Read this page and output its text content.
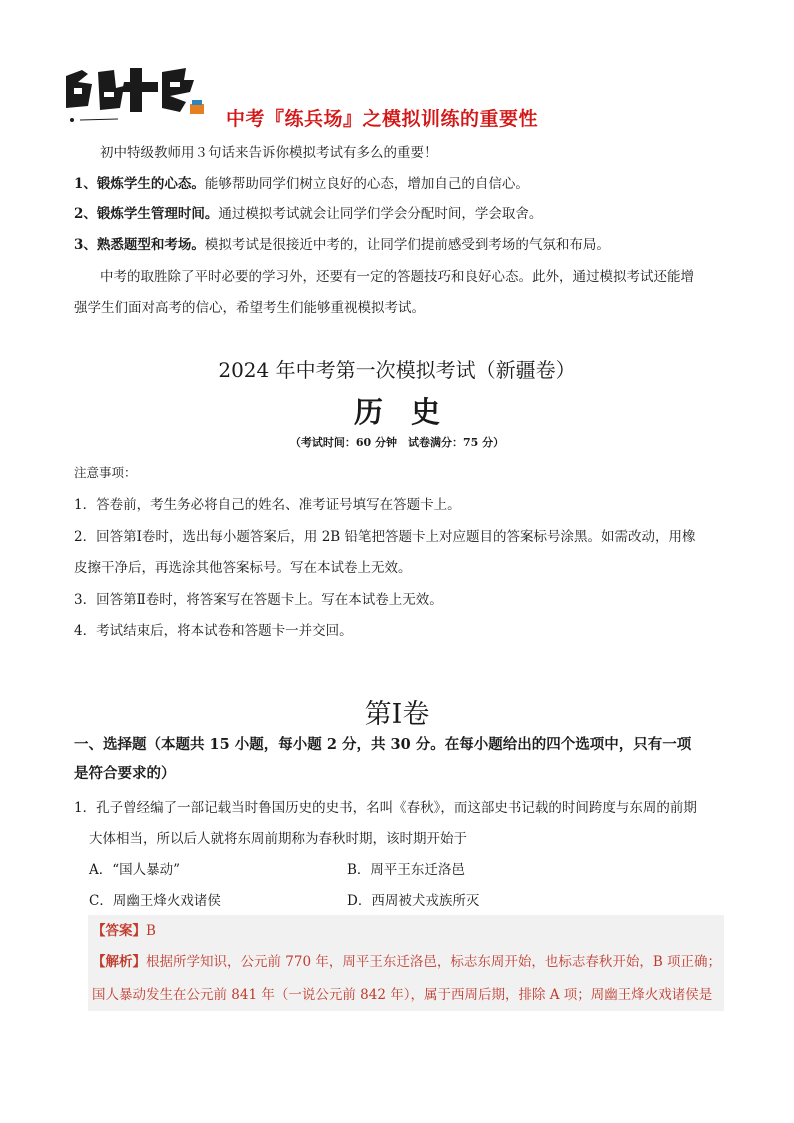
中考『练兵场』之模拟训练的重要性
初中特级教师用３句话来告诉你模拟考试有多么的重要！
1、锻炼学生的心态。能够帮助同学们树立良好的心态，增加自己的自信心。
2、锻炼学生管理时间。通过模拟考试就会让同学们学会分配时间，学会取舍。
3、熟悉题型和考场。模拟考试是很接近中考的，让同学们提前感受到考场的气氛和布局。
中考的取胜除了平时必要的学习外，还要有一定的答题技巧和良好心态。此外，通过模拟考试还能增
强学生们面对高考的信心，希望考生们能够重视模拟考试。
2024 年中考第一次模拟考试（新疆卷）
历史
（考试时间：60 分钟　试卷满分：75 分）
注意事项：
1．答卷前，考生务必将自己的姓名、准考证号填写在答题卡上。
2．回答第Ⅰ卷时，选出每小题答案后，用 2B 铅笔把答题卡上对应题目的答案标号涂黑。如需改动，用橡
皮擦干净后，再选涂其他答案标号。写在本试卷上无效。
3．回答第Ⅱ卷时，将答案写在答题卡上。写在本试卷上无效。
4．考试结束后，将本试卷和答题卡一并交回。
第Ⅰ卷
一、选择题（本题共 15 小题，每小题 2 分，共 30 分。在每小题给出的四个选项中，只有一项
是符合要求的）
1．孔子曾经编了一部记载当时鲁国历史的史书，名叫《春秋》，而这部史书记载的时间跨度与东周的前期
大体相当，所以后人就将东周前期称为春秋时期，该时期开始于
A．“国人暴动”	B．周平王东迁洛邑
C．周幽王烽火戏诸侯	D．西周被犬戎族所灭
【答案】B
【解析】根据所学知识，公元前 770 年，周平王东迁洛邑，标志东周开始，也标志春秋开始，B 项正确；
国人暴动发生在公元前 841 年（一说公元前 842 年），属于西周后期，排除 A 项；周幽王烽火戏诸侯是
